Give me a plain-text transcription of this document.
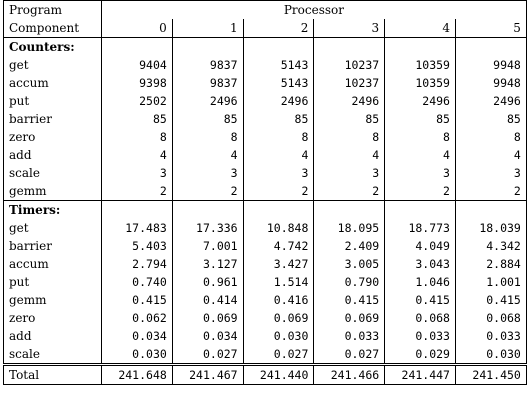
Program	Processor					
Component	0	1	2	3	4	5
Counters:						
get	9404	9837	5143	10237	10359	9948
accum	9398	9837	5143	10237	10359	9948
put	2502	2496	2496	2496	2496	2496
barrier	85	85	85	85	85	85
zero	8	8	8	8	8	8
add	4	4	4	4	4	4
scale	3	3	3	3	3	3
gemm	2	2	2	2	2	2
Timers:						
get	17.483	17.336	10.848	18.095	18.773	18.039
barrier	5.403	7.001	4.742	2.409	4.049	4.342
accum	2.794	3.127	3.427	3.005	3.043	2.884
put	0.740	0.961	1.514	0.790	1.046	1.001
gemm	0.415	0.414	0.416	0.415	0.415	0.415
zero	0.062	0.069	0.069	0.069	0.068	0.068
add	0.034	0.034	0.030	0.033	0.033	0.033
scale	0.030	0.027	0.027	0.027	0.029	0.030
Total	241.648	241.467	241.440	241.466	241.447	241.450
